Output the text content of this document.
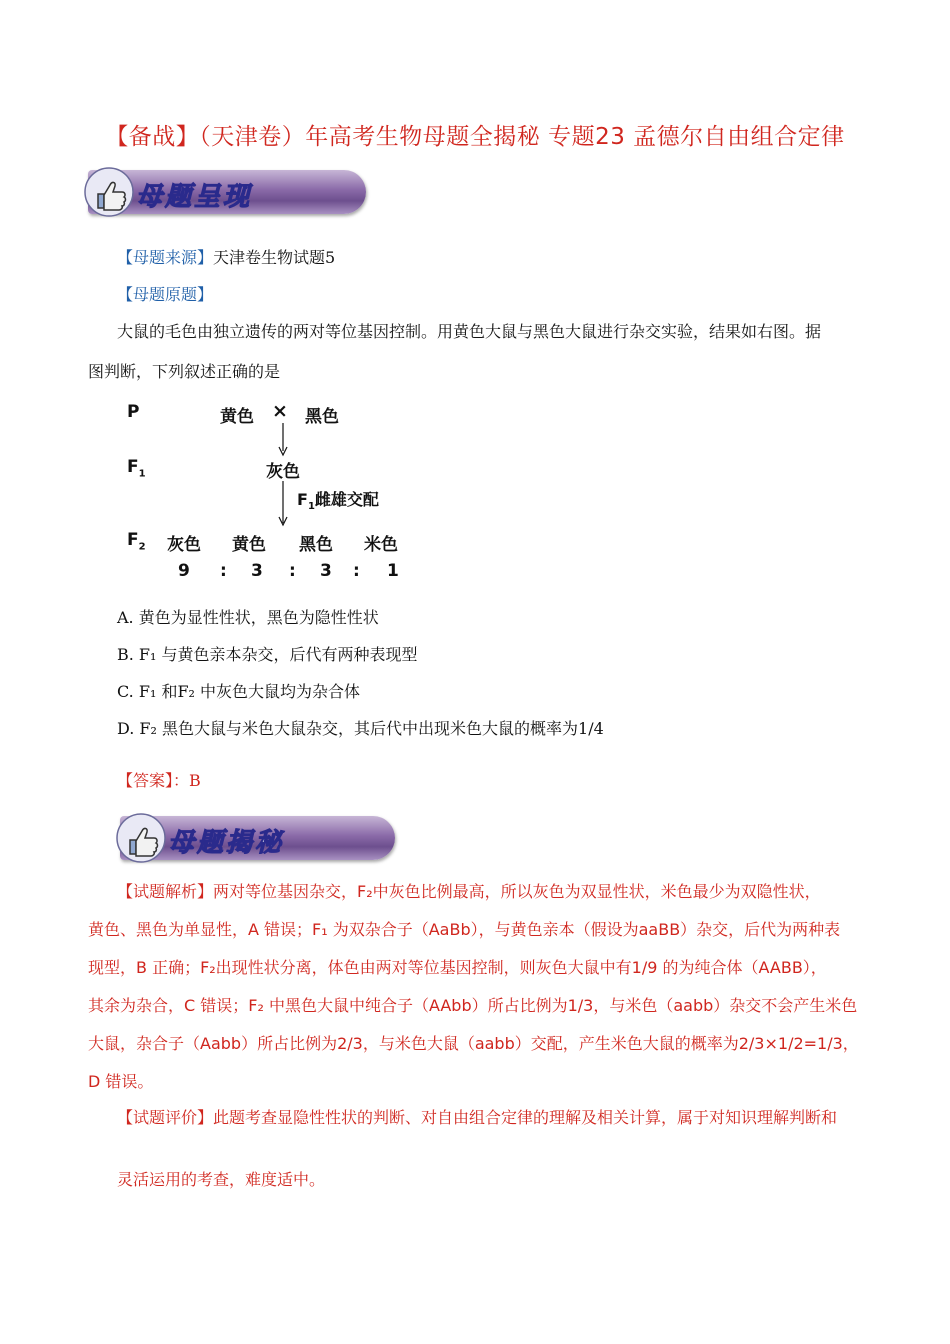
【备战】（天津卷）年高考生物母题全揭秘 专题23 孟德尔自由组合定律
母题呈现
【母题来源】天津卷生物试题5
【母题原题】
大鼠的毛色由独立遗传的两对等位基因控制。用黄色大鼠与黑色大鼠进行杂交实验，结果如右图。据
图判断，下列叙述正确的是
P	黄色 × 黑色
$F_1$	灰色
$F_1$雌雄交配
$F_2$ 灰色 黄色 黑色 米色
9 : 3 : 3 : 1
A. 黄色为显性性状，黑色为隐性性状
B. F₁ 与黄色亲本杂交，后代有两种表现型
C. F₁ 和F₂ 中灰色大鼠均为杂合体
D. F₂ 黑色大鼠与米色大鼠杂交，其后代中出现米色大鼠的概率为1/4
【答案】：B
母题揭秘
【试题解析】两对等位基因杂交，F₂中灰色比例最高，所以灰色为双显性状，米色最少为双隐性状，
黄色、黑色为单显性，A 错误；F₁ 为双杂合子（AaBb），与黄色亲本（假设为aaBB）杂交，后代为两种表
现型，B 正确；F₂出现性状分离，体色由两对等位基因控制，则灰色大鼠中有1/9 的为纯合体（AABB），
其余为杂合，C 错误；F₂ 中黑色大鼠中纯合子（AAbb）所占比例为1/3，与米色（aabb）杂交不会产生米色
大鼠，杂合子（Aabb）所占比例为2/3，与米色大鼠（aabb）交配，产生米色大鼠的概率为2/3×1/2=1/3，
D 错误。
【试题评价】此题考查显隐性性状的判断、对自由组合定律的理解及相关计算，属于对知识理解判断和
灵活运用的考查，难度适中。
